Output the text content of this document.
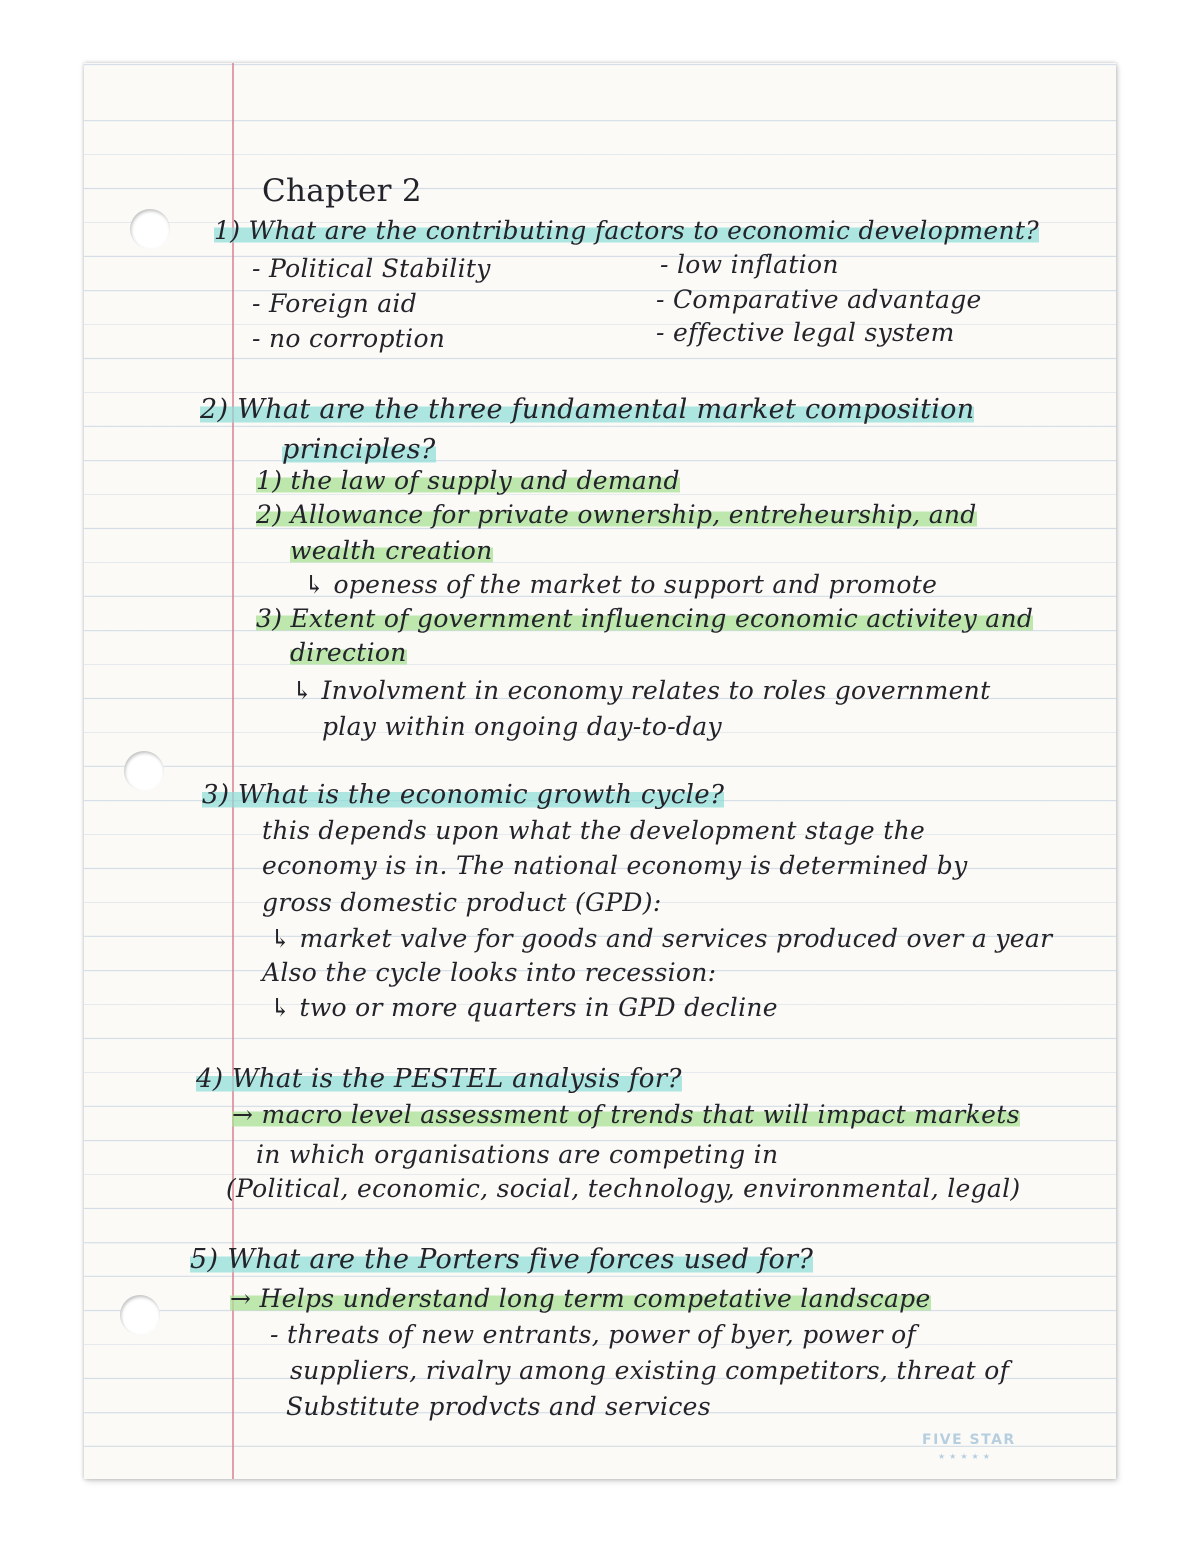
Chapter 2
1) What are the contributing factors to economic development?
- Political Stability
- Foreign aid
- no corroption
- low inflation
- Comparative advantage
- effective legal system
2) What are the three fundamental market composition
principles?
1) the law of supply and demand
2) Allowance for private ownership, entreheurship, and
wealth creation
↳ openess of the market to support and promote
3) Extent of government influencing economic activitey and
direction
↳ Involvment in economy relates to roles government
play within ongoing day-to-day
3) What is the economic growth cycle?
this depends upon what the development stage the
economy is in. The national economy is determined by
gross domestic product (GPD):
↳ market valve for goods and services produced over a year
Also the cycle looks into recession:
↳ two or more quarters in GPD decline
4) What is the PESTEL analysis for?
→ macro level assessment of trends that will impact markets
in which organisations are competing in
(Political, economic, social, technology, environmental, legal)
5) What are the Porters five forces used for?
→ Helps understand long term competative landscape
- threats of new entrants, power of byer, power of
suppliers, rivalry among existing competitors, threat of
Substitute prodvcts and services
FIVE STAR
★★★★★
